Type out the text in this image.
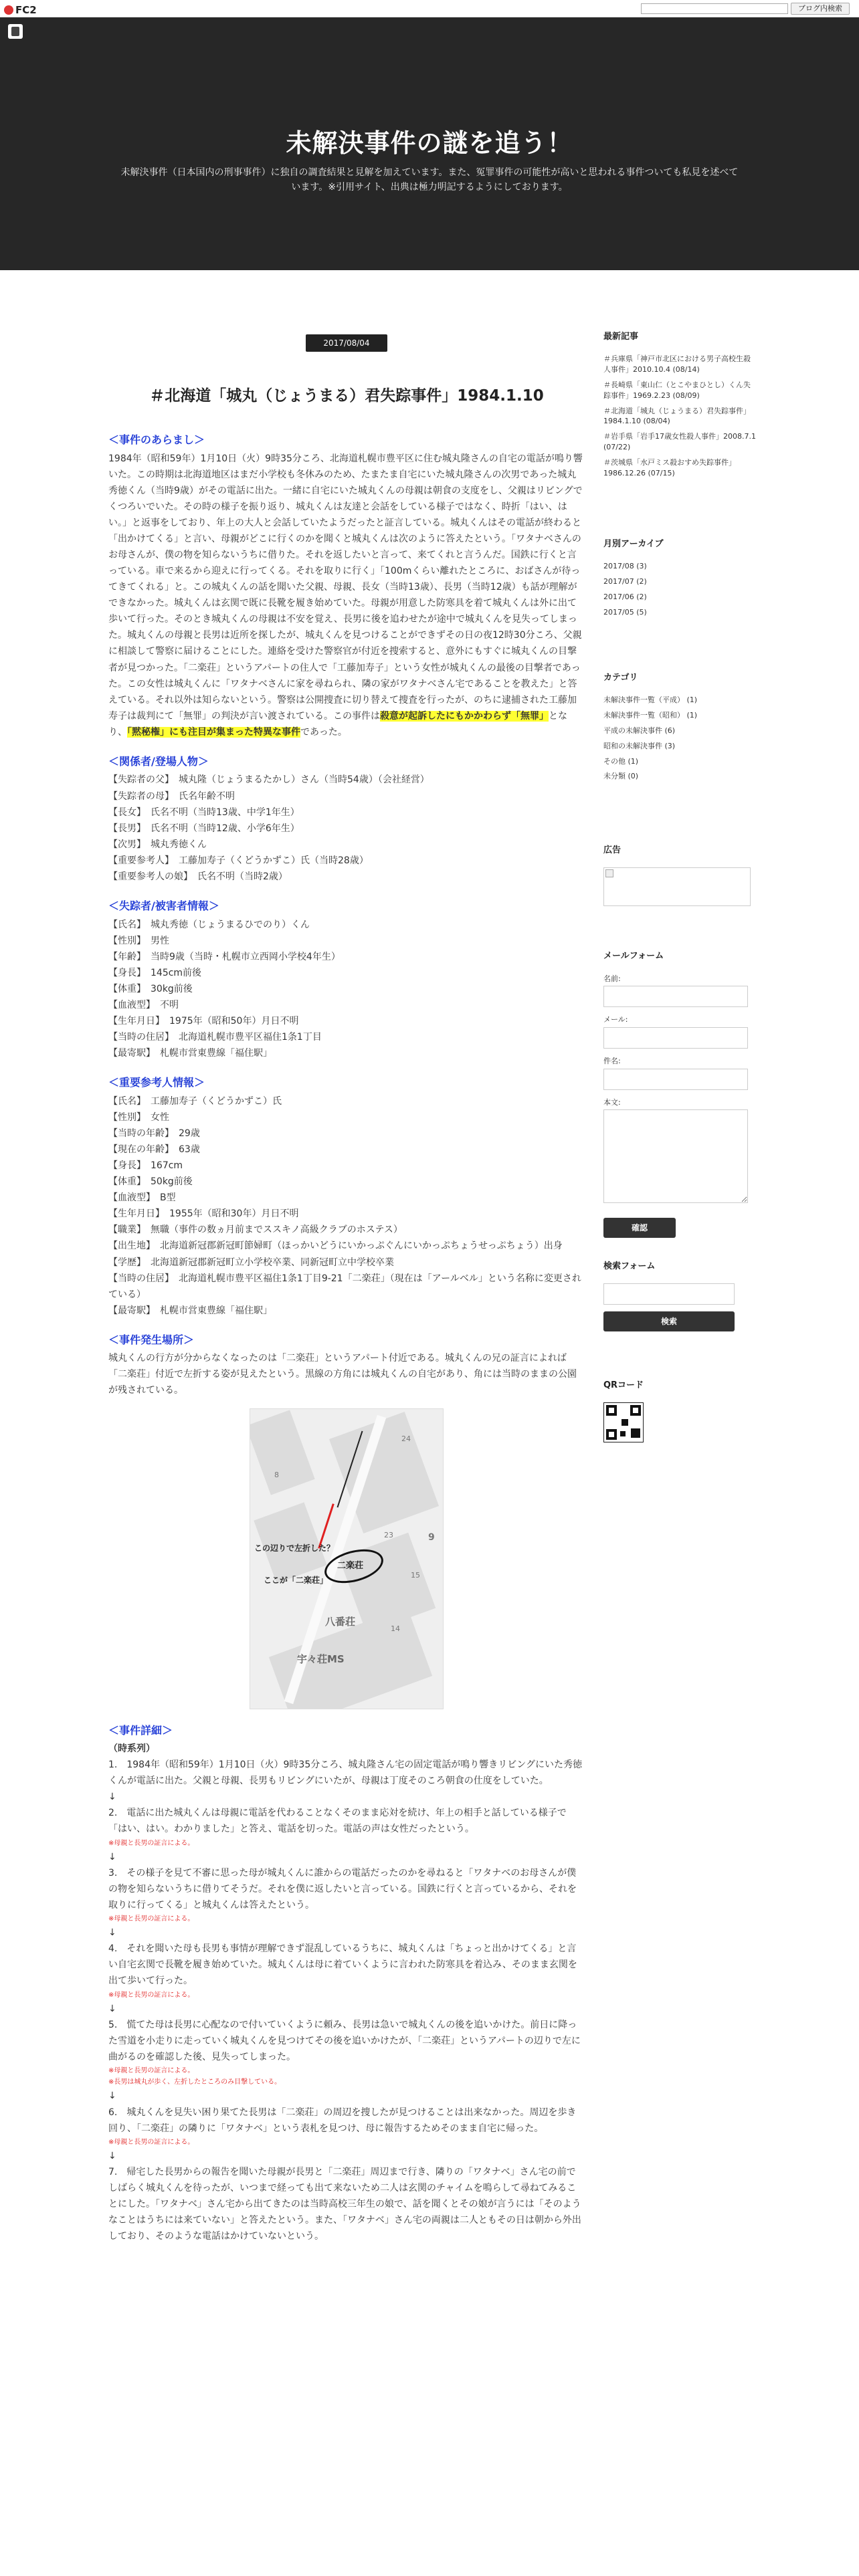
FC2	ブログ内検索
未解決事件の謎を追う！
未解決事件（日本国内の刑事事件）に独自の調査結果と見解を加えています。また、冤罪事件の可能性が高いと思われる事件ついても私見を述べています。※引用サイト、出典は極力明記するようにしております。
2017/08/04
＃北海道「城丸（じょうまる）君失踪事件」1984.1.10
＜事件のあらまし＞

1984年（昭和59年）1月10日（火）9時35分ころ、北海道札幌市豊平区に住む城丸隆さんの自宅の電話が鳴り響いた。この時期は北海道地区はまだ小学校も冬休みのため、たまたま自宅にいた城丸隆さんの次男であった城丸秀徳くん（当時9歳）がその電話に出た。一緒に自宅にいた城丸くんの母親は朝食の支度をし、父親はリビングでくつろいでいた。その時の様子を振り返り、城丸くんは友達と会話をしている様子ではなく、時折「はい、はい。」と返事をしており、年上の大人と会話していたようだったと証言している。城丸くんはその電話が終わると「出かけてくる」と言い、母親がどこに行くのかを聞くと城丸くんは次のように答えたという。「ワタナベさんのお母さんが、僕の物を知らないうちに借りた。それを返したいと言って、来てくれと言うんだ。国鉄に行くと言っている。車で来るから迎えに行ってくる。それを取りに行く」「100mくらい離れたところに、おばさんが待ってきてくれる」と。この城丸くんの話を聞いた父親、母親、長女（当時13歳）、長男（当時12歳）も話が理解ができなかった。城丸くんは玄関で既に長靴を履き始めていた。母親が用意した防寒具を着て城丸くんは外に出て歩いて行った。そのとき城丸くんの母親は不安を覚え、長男に後を追わせたが途中で城丸くんを見失ってしまった。城丸くんの母親と長男は近所を探したが、城丸くんを見つけることができずその日の夜12時30分ころ、父親に相談して警察に届けることにした。連絡を受けた警察官が付近を捜索すると、意外にもすぐに城丸くんの目撃者が見つかった。「二楽荘」というアパートの住人で「工藤加寿子」という女性が城丸くんの最後の目撃者であった。この女性は城丸くんに「ワタナベさんに家を尋ねられ、隣の家がワタナベさん宅であることを教えた」と答えている。それ以外は知らないという。警察は公開捜査に切り替えて捜査を行ったが、のちに逮捕された工藤加寿子は裁判にて「無罪」の判決が言い渡されている。この事件は殺意が起訴したにもかかわらず「無罪」となり、「黙秘権」にも注目が集まった特異な事件であった。

＜関係者/登場人物＞

【失踪者の父】　城丸隆（じょうまるたかし）さん（当時54歳）（会社経営）

【失踪者の母】　氏名年齢不明

【長女】　氏名不明（当時13歳、中学1年生）

【長男】　氏名不明（当時12歳、小学6年生）

【次男】　城丸秀徳くん

【重要参考人】　工藤加寿子（くどうかずこ）氏（当時28歳）

【重要参考人の娘】　氏名不明（当時2歳）

＜失踪者/被害者情報＞

【氏名】　城丸秀徳（じょうまるひでのり）くん

【性別】　男性

【年齢】　当時9歳（当時・札幌市立西岡小学校4年生）

【身長】　145cm前後

【体重】　30kg前後

【血液型】　不明

【生年月日】　1975年（昭和50年）月日不明

【当時の住居】　北海道札幌市豊平区福住1条1丁目

【最寄駅】　札幌市営東豊線「福住駅」

＜重要参考人情報＞

【氏名】　工藤加寿子（くどうかずこ）氏

【性別】　女性

【当時の年齢】　29歳

【現在の年齢】　63歳

【身長】　167cm

【体重】　50kg前後

【血液型】　B型

【生年月日】　1955年（昭和30年）月日不明

【職業】　無職（事件の数ヵ月前までススキノ高級クラブのホステス）

【出生地】　北海道新冠郡新冠町節婦町（ほっかいどうにいかっぷぐんにいかっぷちょうせっぷちょう）出身

【学歴】　北海道新冠郡新冠町立小学校卒業、同新冠町立中学校卒業

【当時の住居】　北海道札幌市豊平区福住1条1丁目9-21「二楽荘」（現在は「アールベル」という名称に変更されている）

【最寄駅】　札幌市営東豊線「福住駅」

＜事件発生場所＞

城丸くんの行方が分からなくなったのは「二楽荘」というアパート付近である。城丸くんの兄の証言によれば「二楽荘」付近で左折する姿が見えたという。黒線の方角には城丸くんの自宅があり、角には当時のままの公園が残されている。

この辺りで左折した？
ここが「二楽荘」
二楽荘
八番荘
宇々荘MS
24
9
23
15
14
8
＜事件詳細＞

（時系列）

1.　1984年（昭和59年）1月10日（火）9時35分ころ、城丸隆さん宅の固定電話が鳴り響きリビングにいた秀徳くんが電話に出た。父親と母親、長男もリビングにいたが、母親は丁度そのころ朝食の仕度をしていた。

↓

2.　電話に出た城丸くんは母親に電話を代わることなくそのまま応対を続け、年上の相手と話している様子で「はい、はい。わかりました」と答え、電話を切った。電話の声は女性だったという。

※母親と長男の証言による。

↓

3.　その様子を見て不審に思った母が城丸くんに誰からの電話だったのかを尋ねると「ワタナベのお母さんが僕の物を知らないうちに借りてそうだ。それを僕に返したいと言っている。国鉄に行くと言っているから、それを取りに行ってくる」と城丸くんは答えたという。

※母親と長男の証言による。

↓

4.　それを聞いた母も長男も事情が理解できず混乱しているうちに、城丸くんは「ちょっと出かけてくる」と言い自宅玄関で長靴を履き始めていた。城丸くんは母に着ていくように言われた防寒具を着込み、そのまま玄関を出て歩いて行った。

※母親と長男の証言による。

↓

5.　慌てた母は長男に心配なので付いていくように頼み、長男は急いで城丸くんの後を追いかけた。前日に降った雪道を小走りに走っていく城丸くんを見つけてその後を追いかけたが、「二楽荘」というアパートの辺りで左に曲がるのを確認した後、見失ってしまった。

※母親と長男の証言による。

※長男は城丸が歩く、左折したところのみ目撃している。

↓

6.　城丸くんを見失い困り果てた長男は「二楽荘」の周辺を捜したが見つけることは出来なかった。周辺を歩き回り、「二楽荘」の隣りに「ワタナベ」という表札を見つけ、母に報告するためそのまま自宅に帰った。

※母親と長男の証言による。

↓

7.　帰宅した長男からの報告を聞いた母親が長男と「二楽荘」周辺まで行き、隣りの「ワタナベ」さん宅の前でしばらく城丸くんを待ったが、いつまで経っても出て来ないため二人は玄関のチャイムを鳴らして尋ねてみることにした。「ワタナベ」さん宅から出てきたのは当時高校三年生の娘で、話を聞くとその娘が言うには「そのようなことはうちには来ていない」と答えたという。また、「ワタナベ」さん宅の両親は二人ともその日は朝から外出しており、そのような電話はかけていないという。

最新記事
＃兵庫県「神戸市北区における男子高校生殺人事件」2010.10.4 (08/14)
＃長崎県「東山仁（とこやまひとし）くん失踪事件」1969.2.23 (08/09)
＃北海道「城丸（じょうまる）君失踪事件」1984.1.10 (08/04)
＃岩手県「岩手17歳女性殺人事件」2008.7.1 (07/22)
＃茨城県「水戸ミス殺おすめ失踪事件」1986.12.26 (07/15)
月別アーカイブ
2017/08 (3)
2017/07 (2)
2017/06 (2)
2017/05 (5)
カテゴリ
未解決事件一覧（平成） (1)
未解決事件一覧（昭和） (1)
平成の未解決事件 (6)
昭和の未解決事件 (3)
その他 (1)
未分類 (0)
広告
メールフォーム
名前:
メール:
件名:
本文:
確認
検索フォーム
検索
QRコード
